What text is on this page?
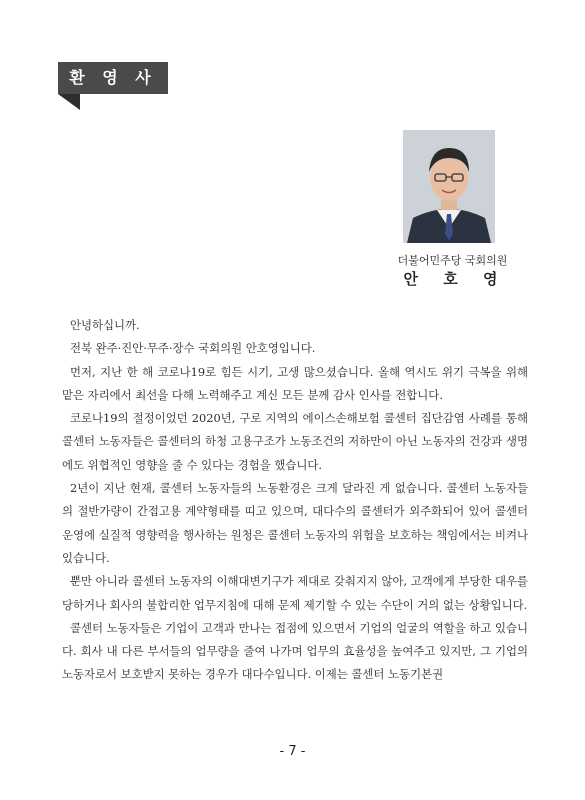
환 영 사
더불어민주당 국회의원
안 호 영

안녕하십니까.

전북 완주·진안·무주·장수 국회의원 안호영입니다.

먼저, 지난 한 해 코로나19로 힘든 시기, 고생 많으셨습니다. 올해 역시도 위기 극복을 위해 맡은 자리에서 최선을 다해 노력해주고 계신 모든 분께 감사 인사를 전합니다.

코로나19의 절정이었던 2020년, 구로 지역의 에이스손해보험 콜센터 집단감염 사례를 통해 콜센터 노동자들은 콜센터의 하청 고용구조가 노동조건의 저하만이 아닌 노동자의 건강과 생명에도 위협적인 영향을 줄 수 있다는 경험을 했습니다.

2년이 지난 현재, 콜센터 노동자들의 노동환경은 크게 달라진 게 없습니다. 콜센터 노동자들의 절반가량이 간접고용 계약형태를 띠고 있으며, 대다수의 콜센터가 외주화되어 있어 콜센터 운영에 실질적 영향력을 행사하는 원청은 콜센터 노동자의 위험을 보호하는 책임에서는 비켜나 있습니다.

뿐만 아니라 콜센터 노동자의 이해대변기구가 제대로 갖춰지지 않아, 고객에게 부당한 대우를 당하거나 회사의 불합리한 업무지침에 대해 문제 제기할 수 있는 수단이 거의 없는 상황입니다.

콜센터 노동자들은 기업이 고객과 만나는 접점에 있으면서 기업의 얼굴의 역할을 하고 있습니다. 회사 내 다른 부서들의 업무량을 줄여 나가며 업무의 효율성을 높여주고 있지만, 그 기업의 노동자로서 보호받지 못하는 경우가 대다수입니다. 이제는 콜센터 노동기본권

- 7 -
